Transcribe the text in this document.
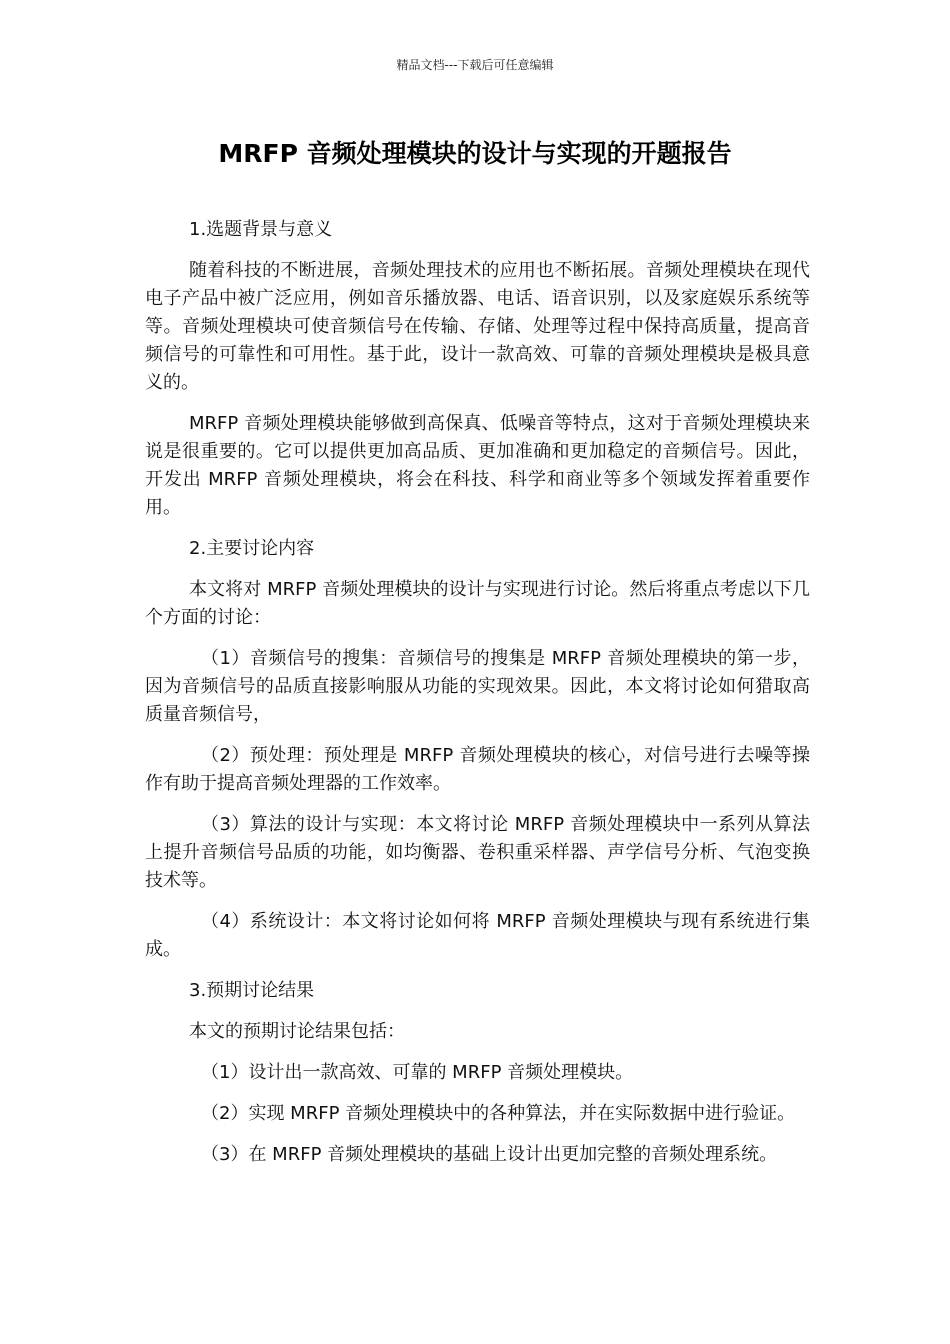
精品文档---下载后可任意编辑
MRFP 音频处理模块的设计与实现的开题报告

1.选题背景与意义

随着科技的不断进展，音频处理技术的应用也不断拓展。音频处理模块在现代电子产品中被广泛应用，例如音乐播放器、电话、语音识别，以及家庭娱乐系统等等。音频处理模块可使音频信号在传输、存储、处理等过程中保持高质量，提高音频信号的可靠性和可用性。基于此，设计一款高效、可靠的音频处理模块是极具意义的。

MRFP 音频处理模块能够做到高保真、低噪音等特点，这对于音频处理模块来说是很重要的。它可以提供更加高品质、更加准确和更加稳定的音频信号。因此，开发出 MRFP 音频处理模块，将会在科技、科学和商业等多个领域发挥着重要作用。

2.主要讨论内容

本文将对 MRFP 音频处理模块的设计与实现进行讨论。然后将重点考虑以下几个方面的讨论：

（1）音频信号的搜集：音频信号的搜集是 MRFP 音频处理模块的第一步，因为音频信号的品质直接影响服从功能的实现效果。因此，本文将讨论如何猎取高质量音频信号，

（2）预处理：预处理是 MRFP 音频处理模块的核心，对信号进行去噪等操作有助于提高音频处理器的工作效率。

（3）算法的设计与实现：本文将讨论 MRFP 音频处理模块中一系列从算法上提升音频信号品质的功能，如均衡器、卷积重采样器、声学信号分析、气泡变换技术等。

（4）系统设计：本文将讨论如何将 MRFP 音频处理模块与现有系统进行集成。

3.预期讨论结果

本文的预期讨论结果包括：

（1）设计出一款高效、可靠的 MRFP 音频处理模块。

（2）实现 MRFP 音频处理模块中的各种算法，并在实际数据中进行验证。

（3）在 MRFP 音频处理模块的基础上设计出更加完整的音频处理系统。
